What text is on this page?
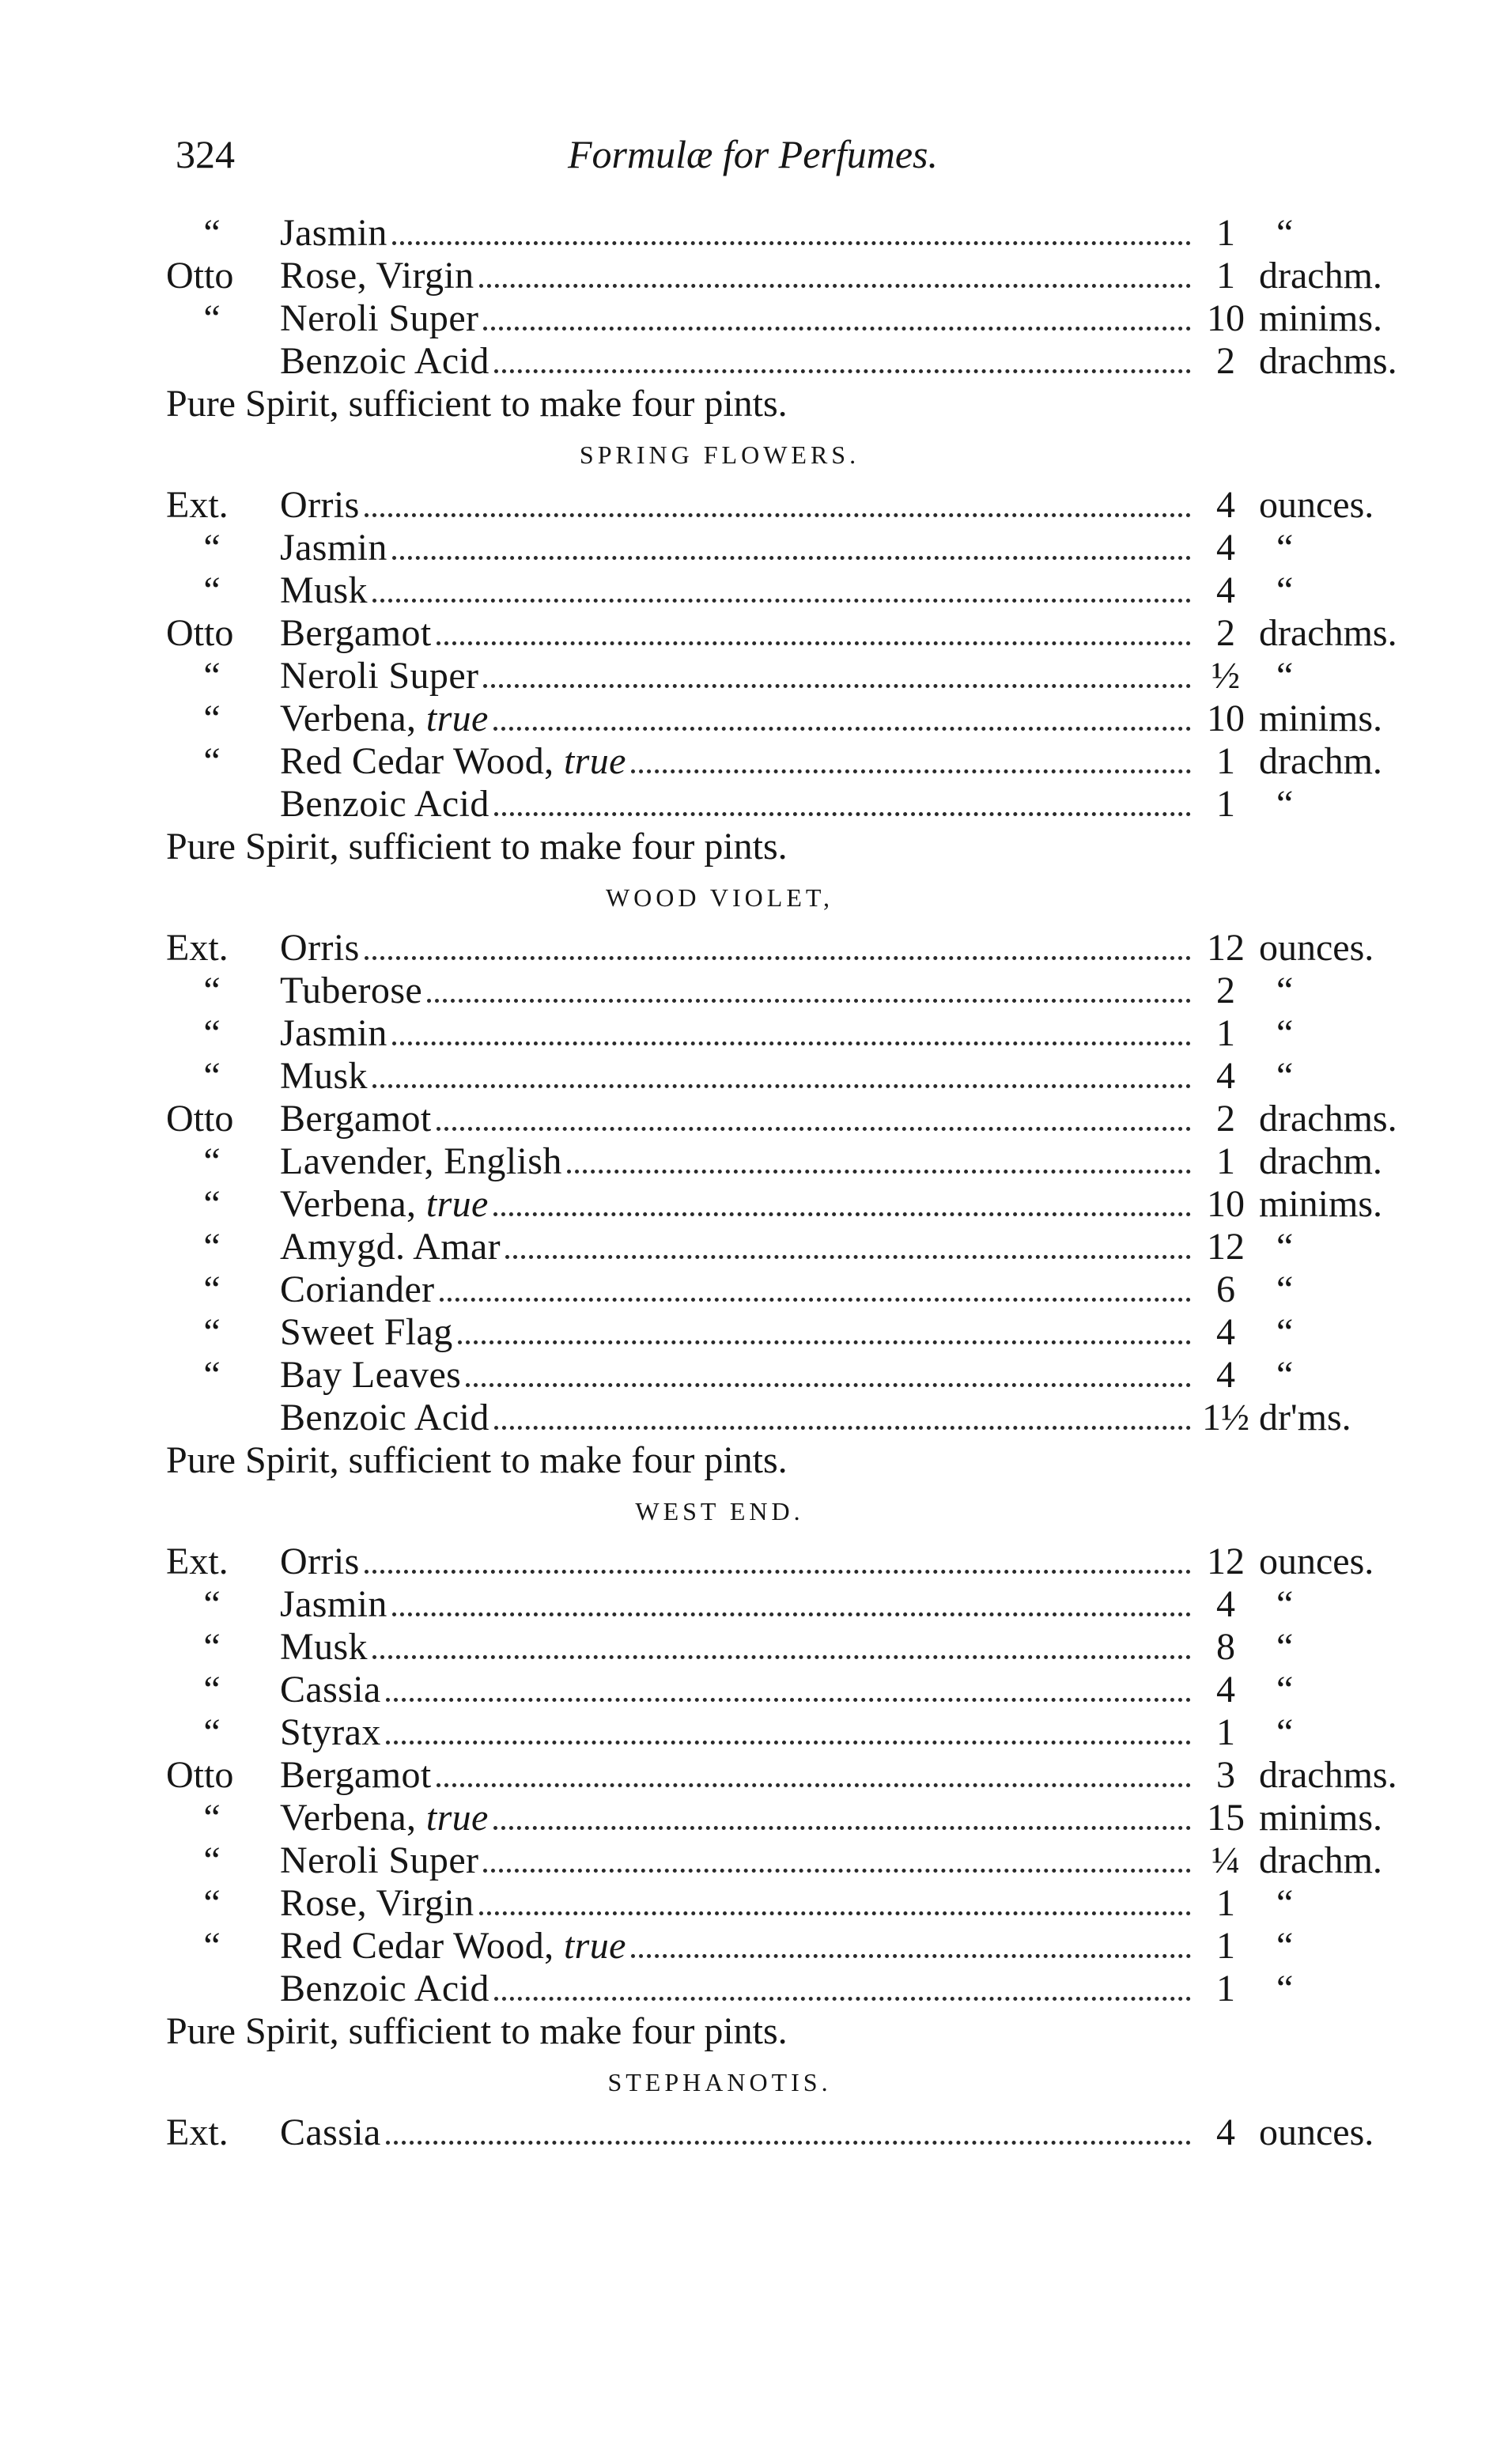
324	Formulæ for Perfumes.
“	Jasmin	1	“
Otto	Rose, Virgin	1 drachm.
“	Neroli Super	10 minims.
Benzoic Acid	2 drachms.
Pure Spirit, sufficient to make four pints.
SPRING FLOWERS.
Ext.	Orris	4 ounces.
“	Jasmin	4	“
“	Musk	4	“
Otto	Bergamot	2 drachms.
“	Neroli Super	½ “
“	Verbena, true	10 minims.
“	Red Cedar Wood, true	1 drachm.
Benzoic Acid	1	“
Pure Spirit, sufficient to make four pints.
WOOD VIOLET,
Ext.	Orris	12 ounces.
“	Tuberose	2	“
“	Jasmin	1	“
“	Musk	4	“
Otto	Bergamot	2 drachms.
“	Lavender, English	1 drachm.
“	Verbena, true	10 minims.
“	Amygd. Amar	12 “
“	Coriander	6	“
“	Sweet Flag	4	“
“	Bay Leaves	4	“
Benzoic Acid	1½ dr'ms.
Pure Spirit, sufficient to make four pints.
WEST END.
Ext.	Orris	12 ounces.
“	Jasmin	4	“
“	Musk	8	“
“	Cassia	4	“
“	Styrax	1	“
Otto	Bergamot	3 drachms.
“	Verbena, true	15 minims.
“	Neroli Super	¼ drachm.
“	Rose, Virgin	1	“
“	Red Cedar Wood, true	1	“
Benzoic Acid	1	“
Pure Spirit, sufficient to make four pints.
STEPHANOTIS.
Ext.	Cassia	4 ounces.
